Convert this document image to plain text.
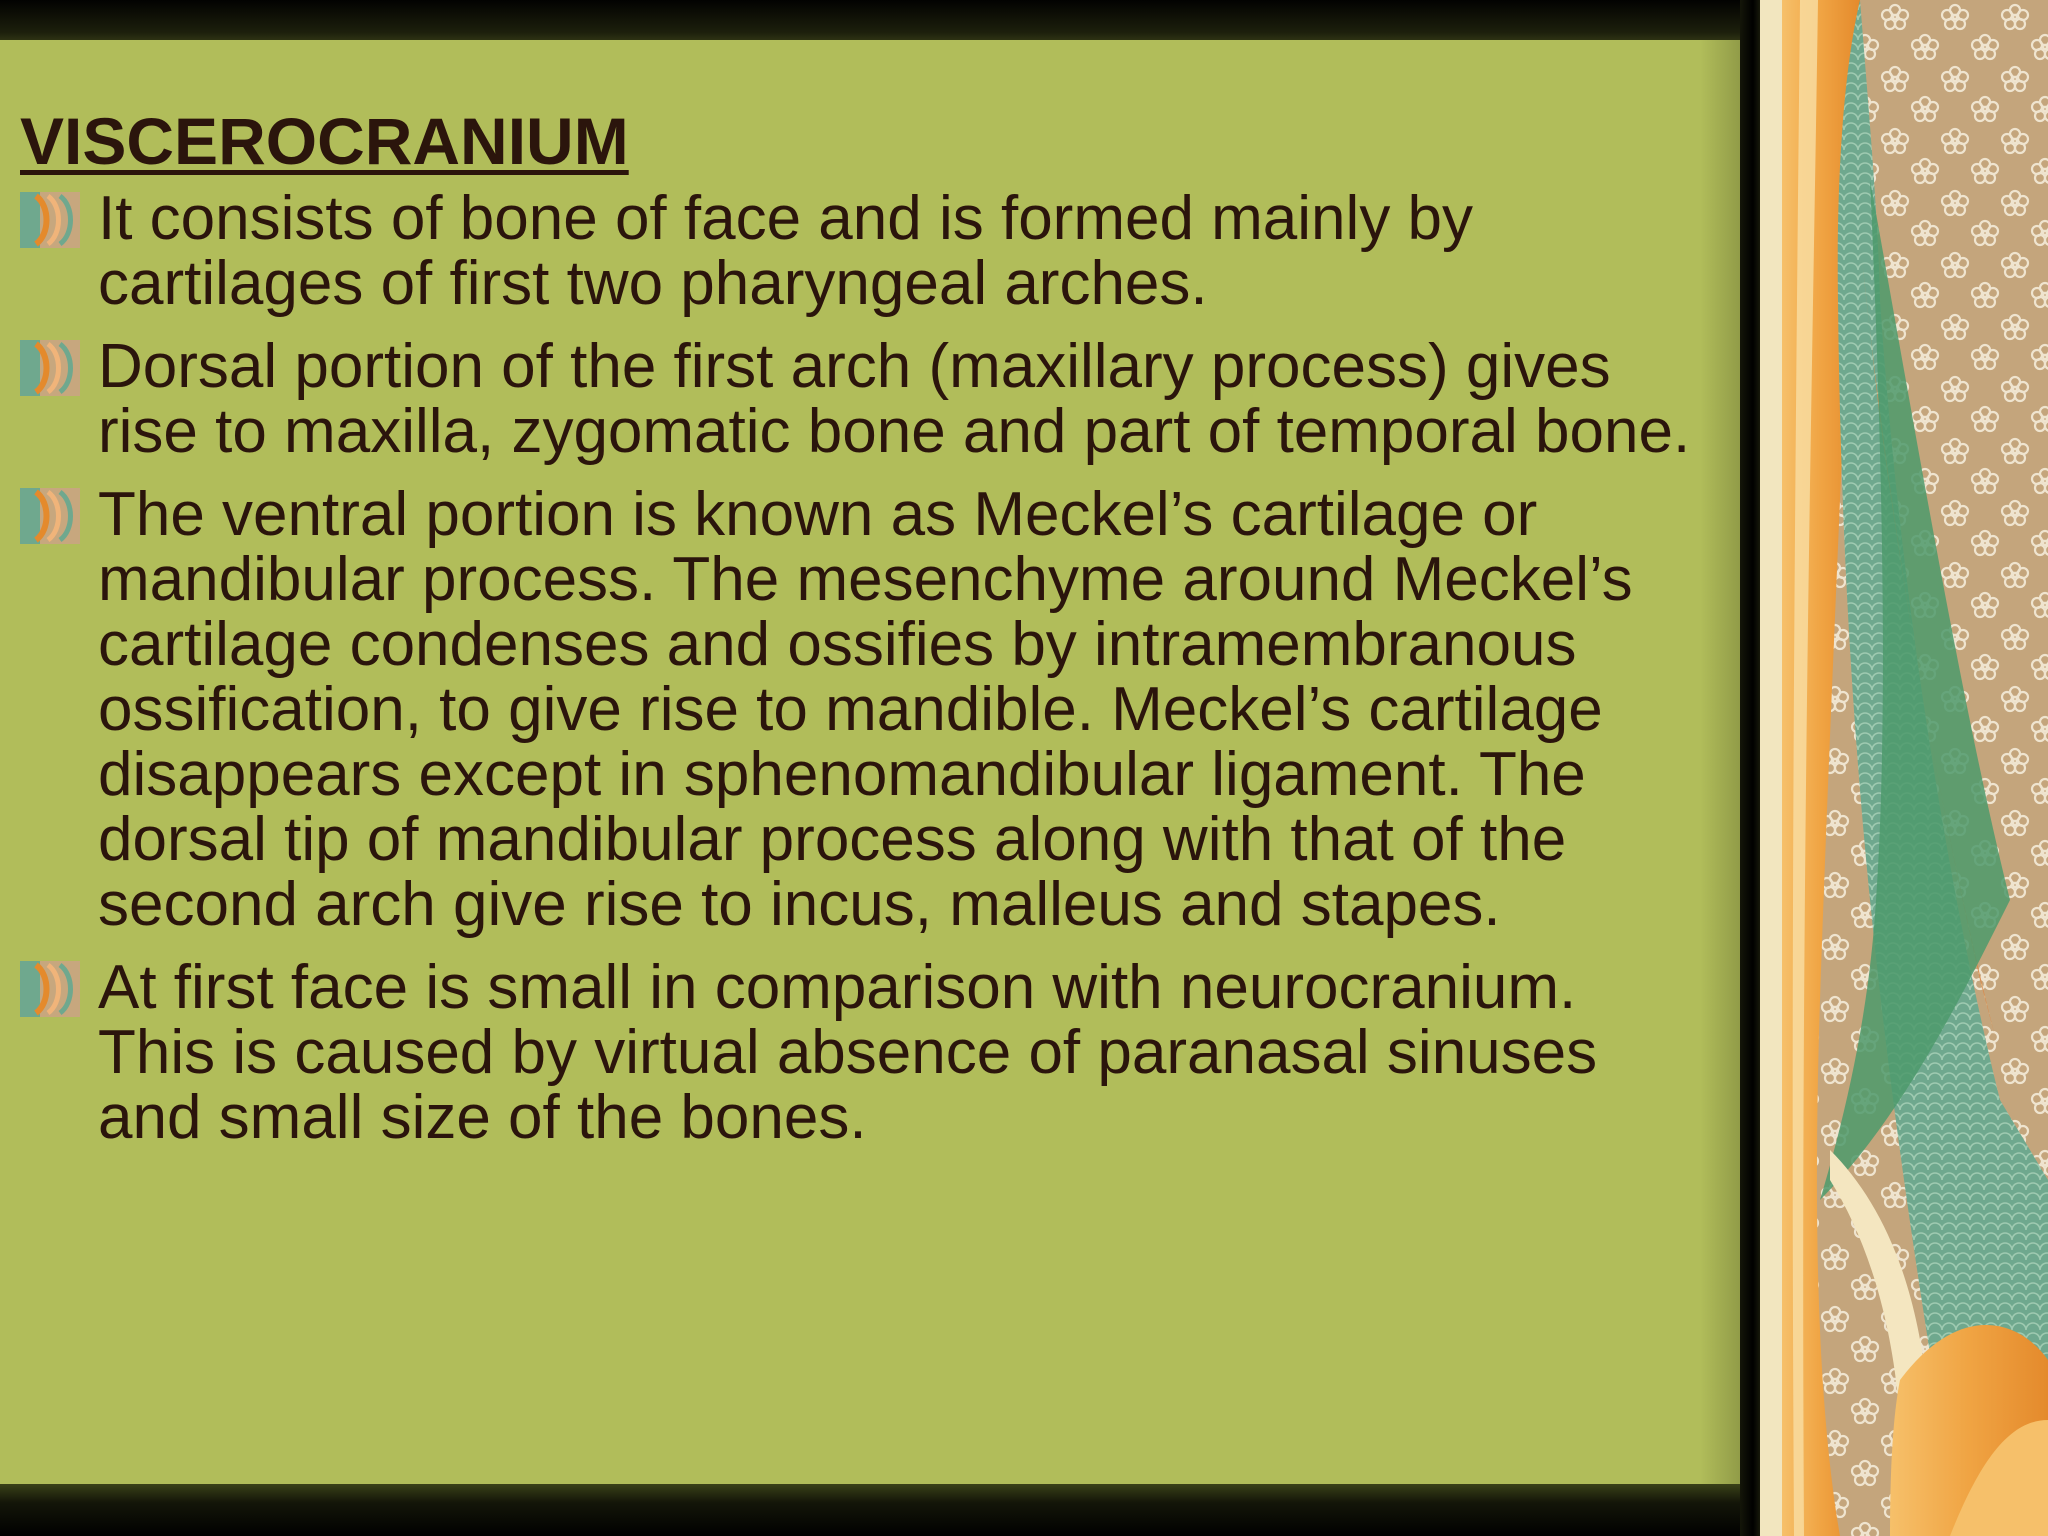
VISCEROCRANIUM
It consists of bone of face and is formed mainly by cartilages of first two pharyngeal arches.
Dorsal portion of the first arch (maxillary process) gives rise to maxilla, zygomatic bone and part of temporal bone.
The ventral portion is known as Meckel’s cartilage or mandibular process. The mesenchyme around Meckel’s cartilage condenses and ossifies by intramembranous ossification, to give rise to mandible. Meckel’s cartilage disappears except in sphenomandibular ligament. The dorsal tip of mandibular process along with that of the second arch give rise to incus, malleus and stapes.
At first face is small in comparison with neurocranium. This is caused by virtual absence of paranasal sinuses and small size of the bones.
